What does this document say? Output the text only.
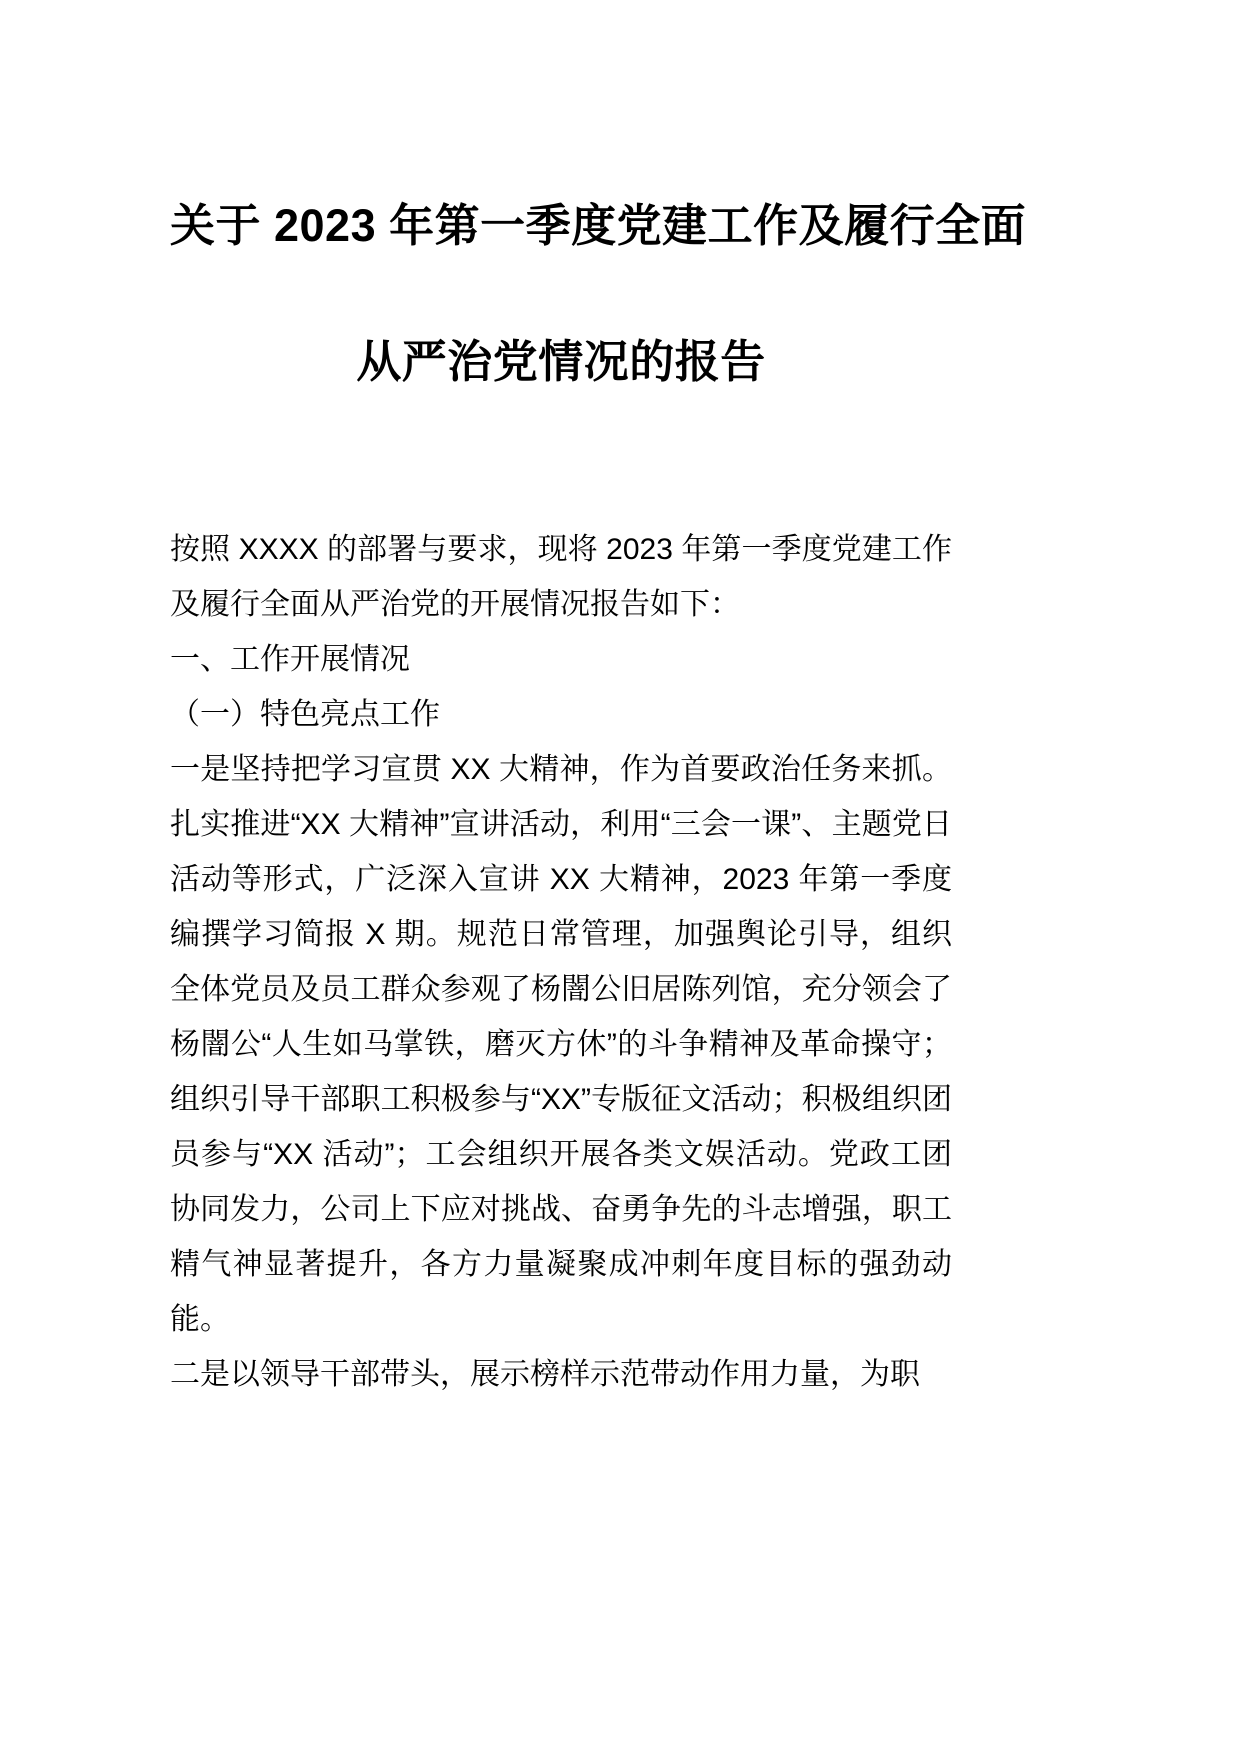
关于 2023 年第一季度党建工作及履行全面
从严治党情况的报告

按照 XXXX 的部署与要求，现将 2023 年第一季度党建工作及履行全面从严治党的开展情况报告如下：

一、工作开展情况

（一）特色亮点工作

一是坚持把学习宣贯 XX 大精神，作为首要政治任务来抓。扎实推进“XX 大精神”宣讲活动，利用“三会一课”、主题党日活动等形式，广泛深入宣讲 XX 大精神，2023 年第一季度编撰学习简报 X 期。规范日常管理，加强舆论引导，组织全体党员及员工群众参观了杨闇公旧居陈列馆，充分领会了杨闇公“人生如马掌铁，磨灭方休”的斗争精神及革命操守；组织引导干部职工积极参与“XX”专版征文活动；积极组织团员参与“XX 活动”；工会组织开展各类文娱活动。党政工团协同发力，公司上下应对挑战、奋勇争先的斗志增强，职工精气神显著提升，各方力量凝聚成冲刺年度目标的强劲动能。

二是以领导干部带头，展示榜样示范带动作用力量，为职
